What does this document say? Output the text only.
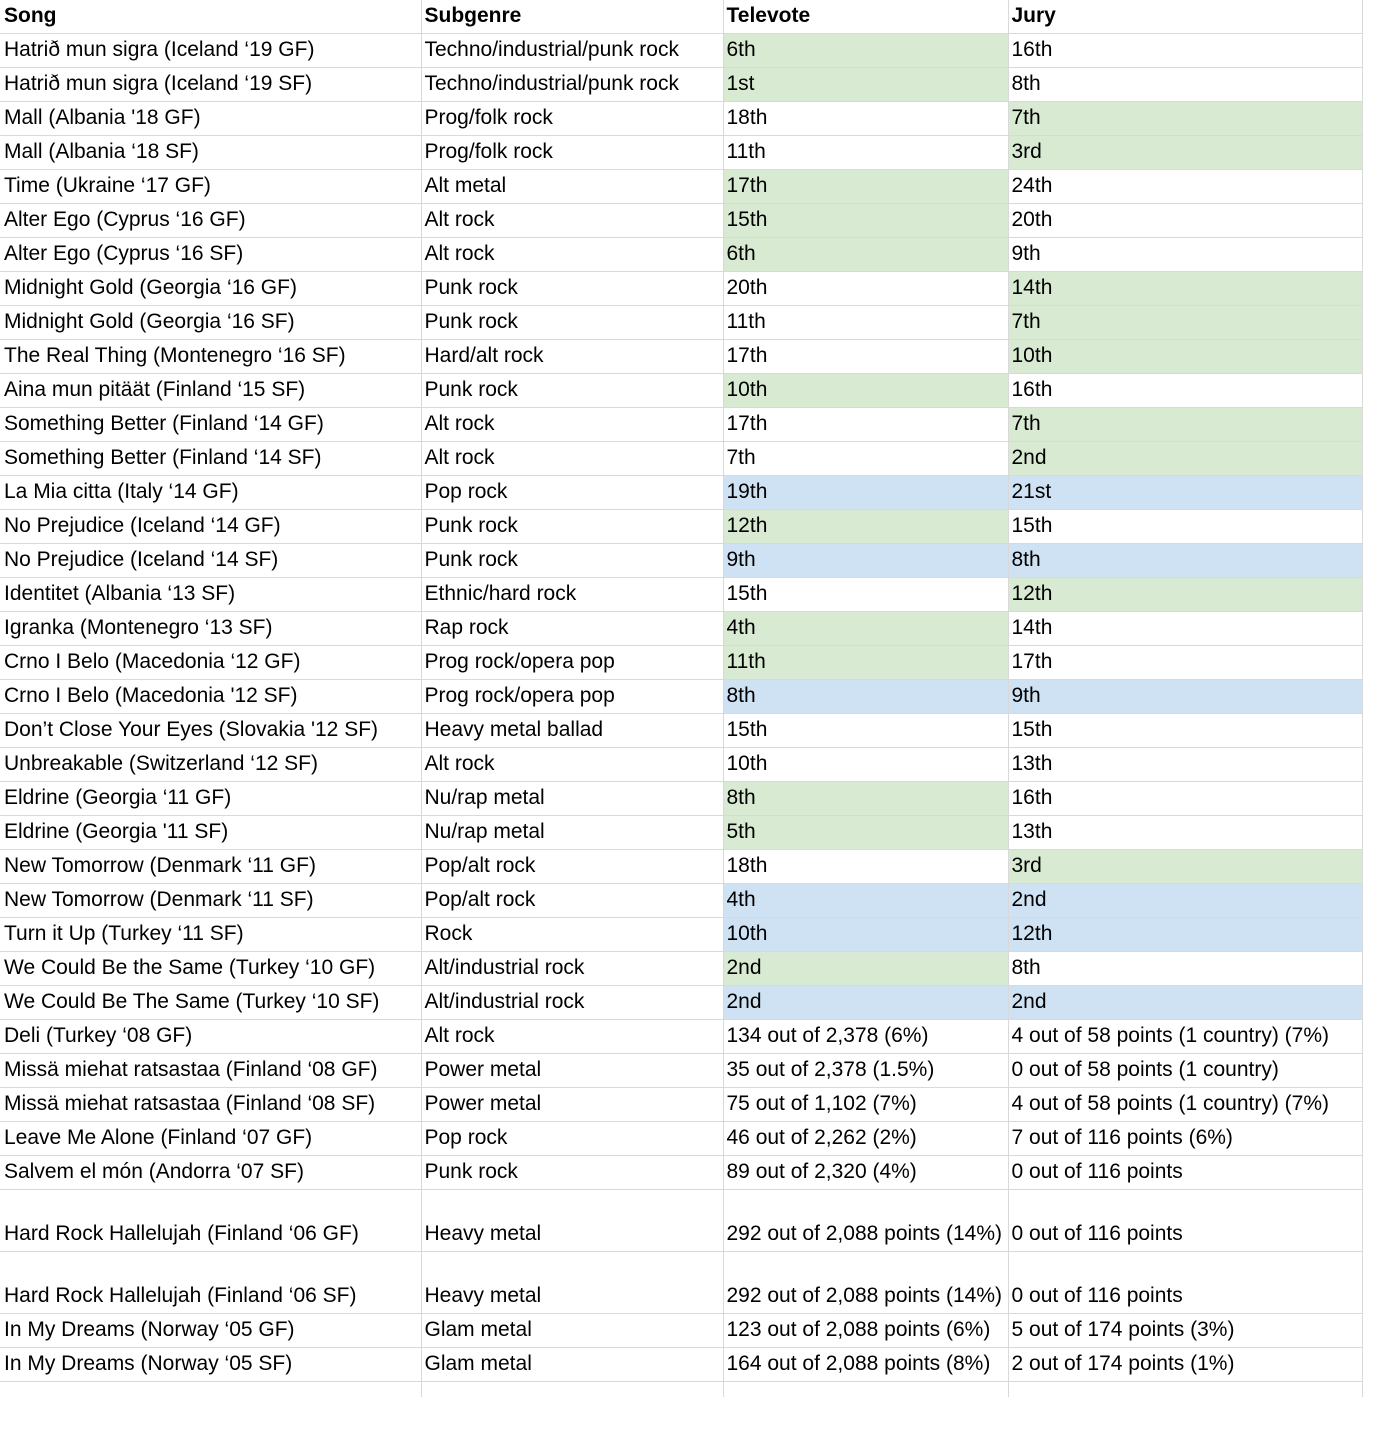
Song	Subgenre	Televote	Jury
Hatrið mun sigra (Iceland ‘19 GF)	Techno/industrial/punk rock	6th	16th
Hatrið mun sigra (Iceland ‘19 SF)	Techno/industrial/punk rock	1st	8th
Mall (Albania '18 GF)	Prog/folk rock	18th	7th
Mall (Albania ‘18 SF)	Prog/folk rock	11th	3rd
Time (Ukraine ‘17 GF)	Alt metal	17th	24th
Alter Ego (Cyprus ‘16 GF)	Alt rock	15th	20th
Alter Ego (Cyprus ‘16 SF)	Alt rock	6th	9th
Midnight Gold (Georgia ‘16 GF)	Punk rock	20th	14th
Midnight Gold (Georgia ‘16 SF)	Punk rock	11th	7th
The Real Thing (Montenegro ‘16 SF)	Hard/alt rock	17th	10th
Aina mun pitäät (Finland ‘15 SF)	Punk rock	10th	16th
Something Better (Finland ‘14 GF)	Alt rock	17th	7th
Something Better (Finland ‘14 SF)	Alt rock	7th	2nd
La Mia citta (Italy ‘14 GF)	Pop rock	19th	21st
No Prejudice (Iceland ‘14 GF)	Punk rock	12th	15th
No Prejudice (Iceland ‘14 SF)	Punk rock	9th	8th
Identitet (Albania ‘13 SF)	Ethnic/hard rock	15th	12th
Igranka (Montenegro ‘13 SF)	Rap rock	4th	14th
Crno I Belo (Macedonia ‘12 GF)	Prog rock/opera pop	11th	17th
Crno I Belo (Macedonia '12 SF)	Prog rock/opera pop	8th	9th
Don’t Close Your Eyes (Slovakia '12 SF)	Heavy metal ballad	15th	15th
Unbreakable (Switzerland ‘12 SF)	Alt rock	10th	13th
Eldrine (Georgia ‘11 GF)	Nu/rap metal	8th	16th
Eldrine (Georgia '11 SF)	Nu/rap metal	5th	13th
New Tomorrow (Denmark ‘11 GF)	Pop/alt rock	18th	3rd
New Tomorrow (Denmark ‘11 SF)	Pop/alt rock	4th	2nd
Turn it Up (Turkey ‘11 SF)	Rock	10th	12th
We Could Be the Same (Turkey ‘10 GF)	Alt/industrial rock	2nd	8th
We Could Be The Same (Turkey ‘10 SF)	Alt/industrial rock	2nd	2nd
Deli (Turkey ‘08 GF)	Alt rock	134 out of 2,378 (6%)	4 out of 58 points (1 country) (7%)
Missä miehat ratsastaa (Finland ‘08 GF)	Power metal	35 out of 2,378 (1.5%)	0 out of 58 points (1 country)
Missä miehat ratsastaa (Finland ‘08 SF)	Power metal	75 out of 1,102 (7%)	4 out of 58 points (1 country) (7%)
Leave Me Alone (Finland ‘07 GF)	Pop rock	46 out of 2,262 (2%)	7 out of 116 points (6%)
Salvem el món (Andorra ‘07 SF)	Punk rock	89 out of 2,320 (4%)	0 out of 116 points
Hard Rock Hallelujah (Finland ‘06 GF)	Heavy metal	292 out of 2,088 points (14%)	0 out of 116 points
Hard Rock Hallelujah (Finland ‘06 SF)	Heavy metal	292 out of 2,088 points (14%)	0 out of 116 points
In My Dreams (Norway ‘05 GF)	Glam metal	123 out of 2,088 points (6%)	5 out of 174 points (3%)
In My Dreams (Norway ‘05 SF)	Glam metal	164 out of 2,088 points (8%)	2 out of 174 points (1%)
